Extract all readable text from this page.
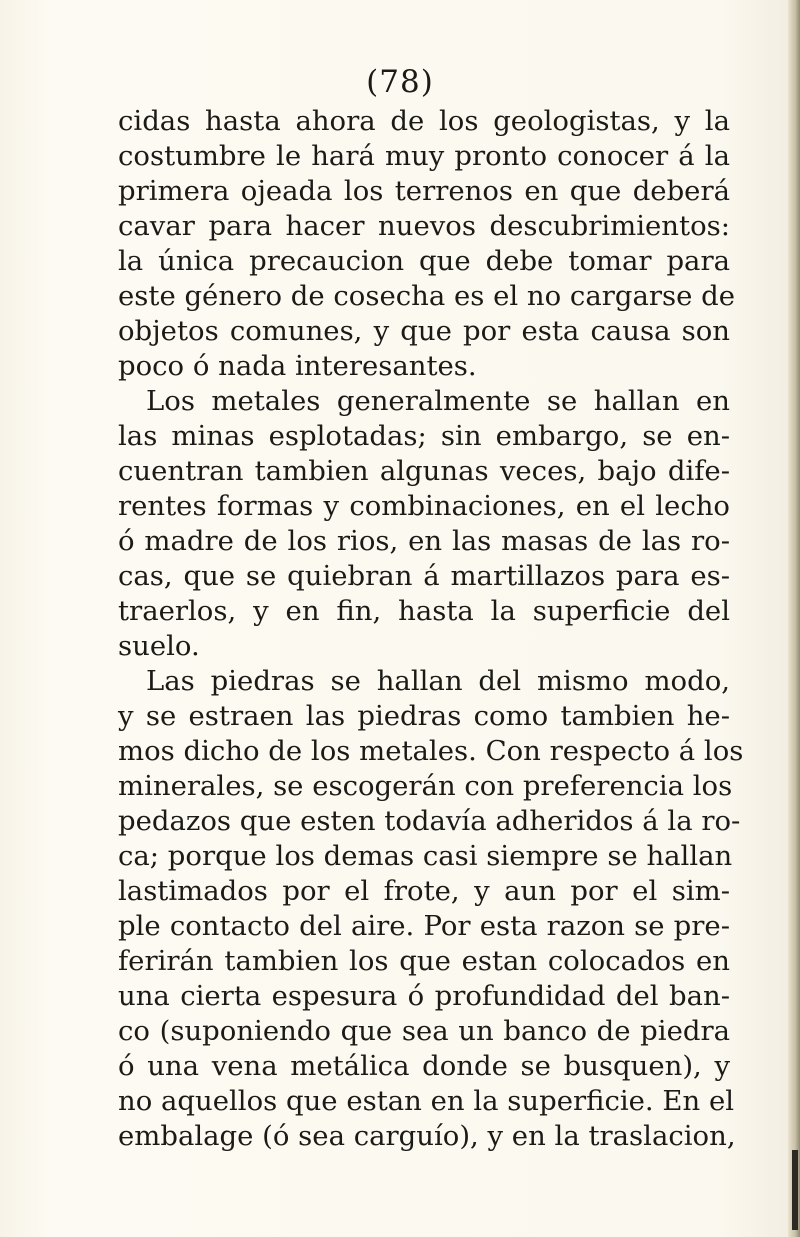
(78)
cidas hasta ahora de los geologistas, y la
costumbre le hará muy pronto conocer á la
primera ojeada los terrenos en que deberá
cavar para hacer nuevos descubrimientos:
la única precaucion que debe tomar para
este género de cosecha es el no cargarse de
objetos comunes, y que por esta causa son
poco ó nada interesantes.
Los metales generalmente se hallan en
las minas esplotadas; sin embargo, se en-
cuentran tambien algunas veces, bajo dife-
rentes formas y combinaciones, en el lecho
ó madre de los rios, en las masas de las ro-
cas, que se quiebran á martillazos para es-
traerlos, y en fin, hasta la superficie del
suelo.
Las piedras se hallan del mismo modo,
y se estraen las piedras como tambien he-
mos dicho de los metales. Con respecto á los
minerales, se escogerán con preferencia los
pedazos que esten todavía adheridos á la ro-
ca; porque los demas casi siempre se hallan
lastimados por el frote, y aun por el sim-
ple contacto del aire. Por esta razon se pre-
ferirán tambien los que estan colocados en
una cierta espesura ó profundidad del ban-
co (suponiendo que sea un banco de piedra
ó una vena metálica donde se busquen), y
no aquellos que estan en la superficie. En el
embalage (ó sea carguío), y en la traslacion,
